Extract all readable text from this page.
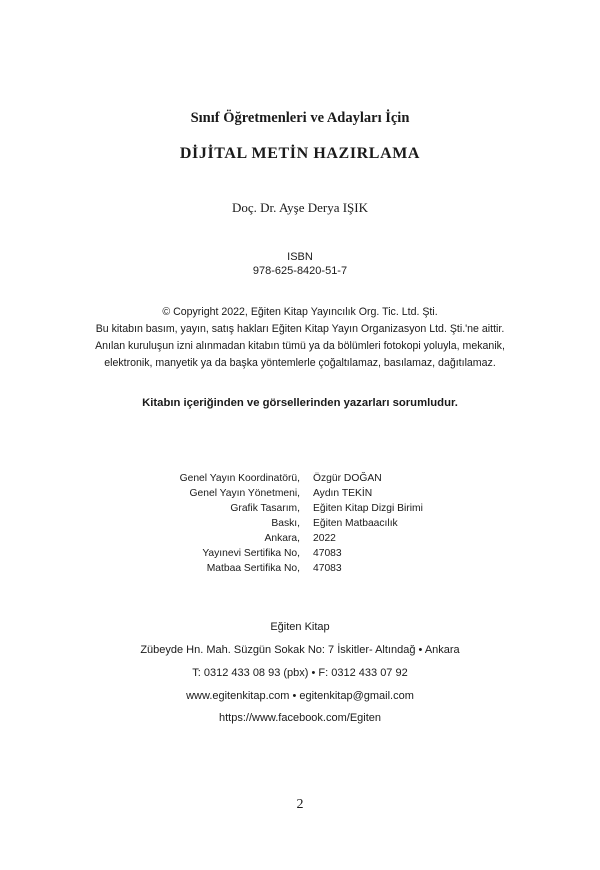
Sınıf Öğretmenleri ve Adayları İçin
DİJİTAL METİN HAZIRLAMA
Doç. Dr. Ayşe Derya IŞIK
ISBN
978-625-8420-51-7
© Copyright 2022, Eğiten Kitap Yayıncılık Org. Tic. Ltd. Şti.
Bu kitabın basım, yayın, satış hakları Eğiten Kitap Yayın Organizasyon Ltd. Şti.'ne aittir.
Anılan kuruluşun izni alınmadan kitabın tümü ya da bölümleri fotokopi yoluyla, mekanik,
elektronik, manyetik ya da başka yöntemlerle çoğaltılamaz, basılamaz, dağıtılamaz.
Kitabın içeriğinden ve görsellerinden yazarları sorumludur.
Genel Yayın Koordinatörü, Özgür DOĞAN
Genel Yayın Yönetmeni, Aydın TEKİN
Grafik Tasarım, Eğiten Kitap Dizgi Birimi
Baskı, Eğiten Matbaacılık
Ankara, 2022
Yayınevi Sertifika No, 47083
Matbaa Sertifika No, 47083
Eğiten Kitap
Zübeyde Hn. Mah. Süzgün Sokak No: 7 İskitler- Altındağ • Ankara
T: 0312 433 08 93 (pbx) • F: 0312 433 07 92
www.egitenkitap.com • egitenkitap@gmail.com
https://www.facebook.com/Egiten
2
